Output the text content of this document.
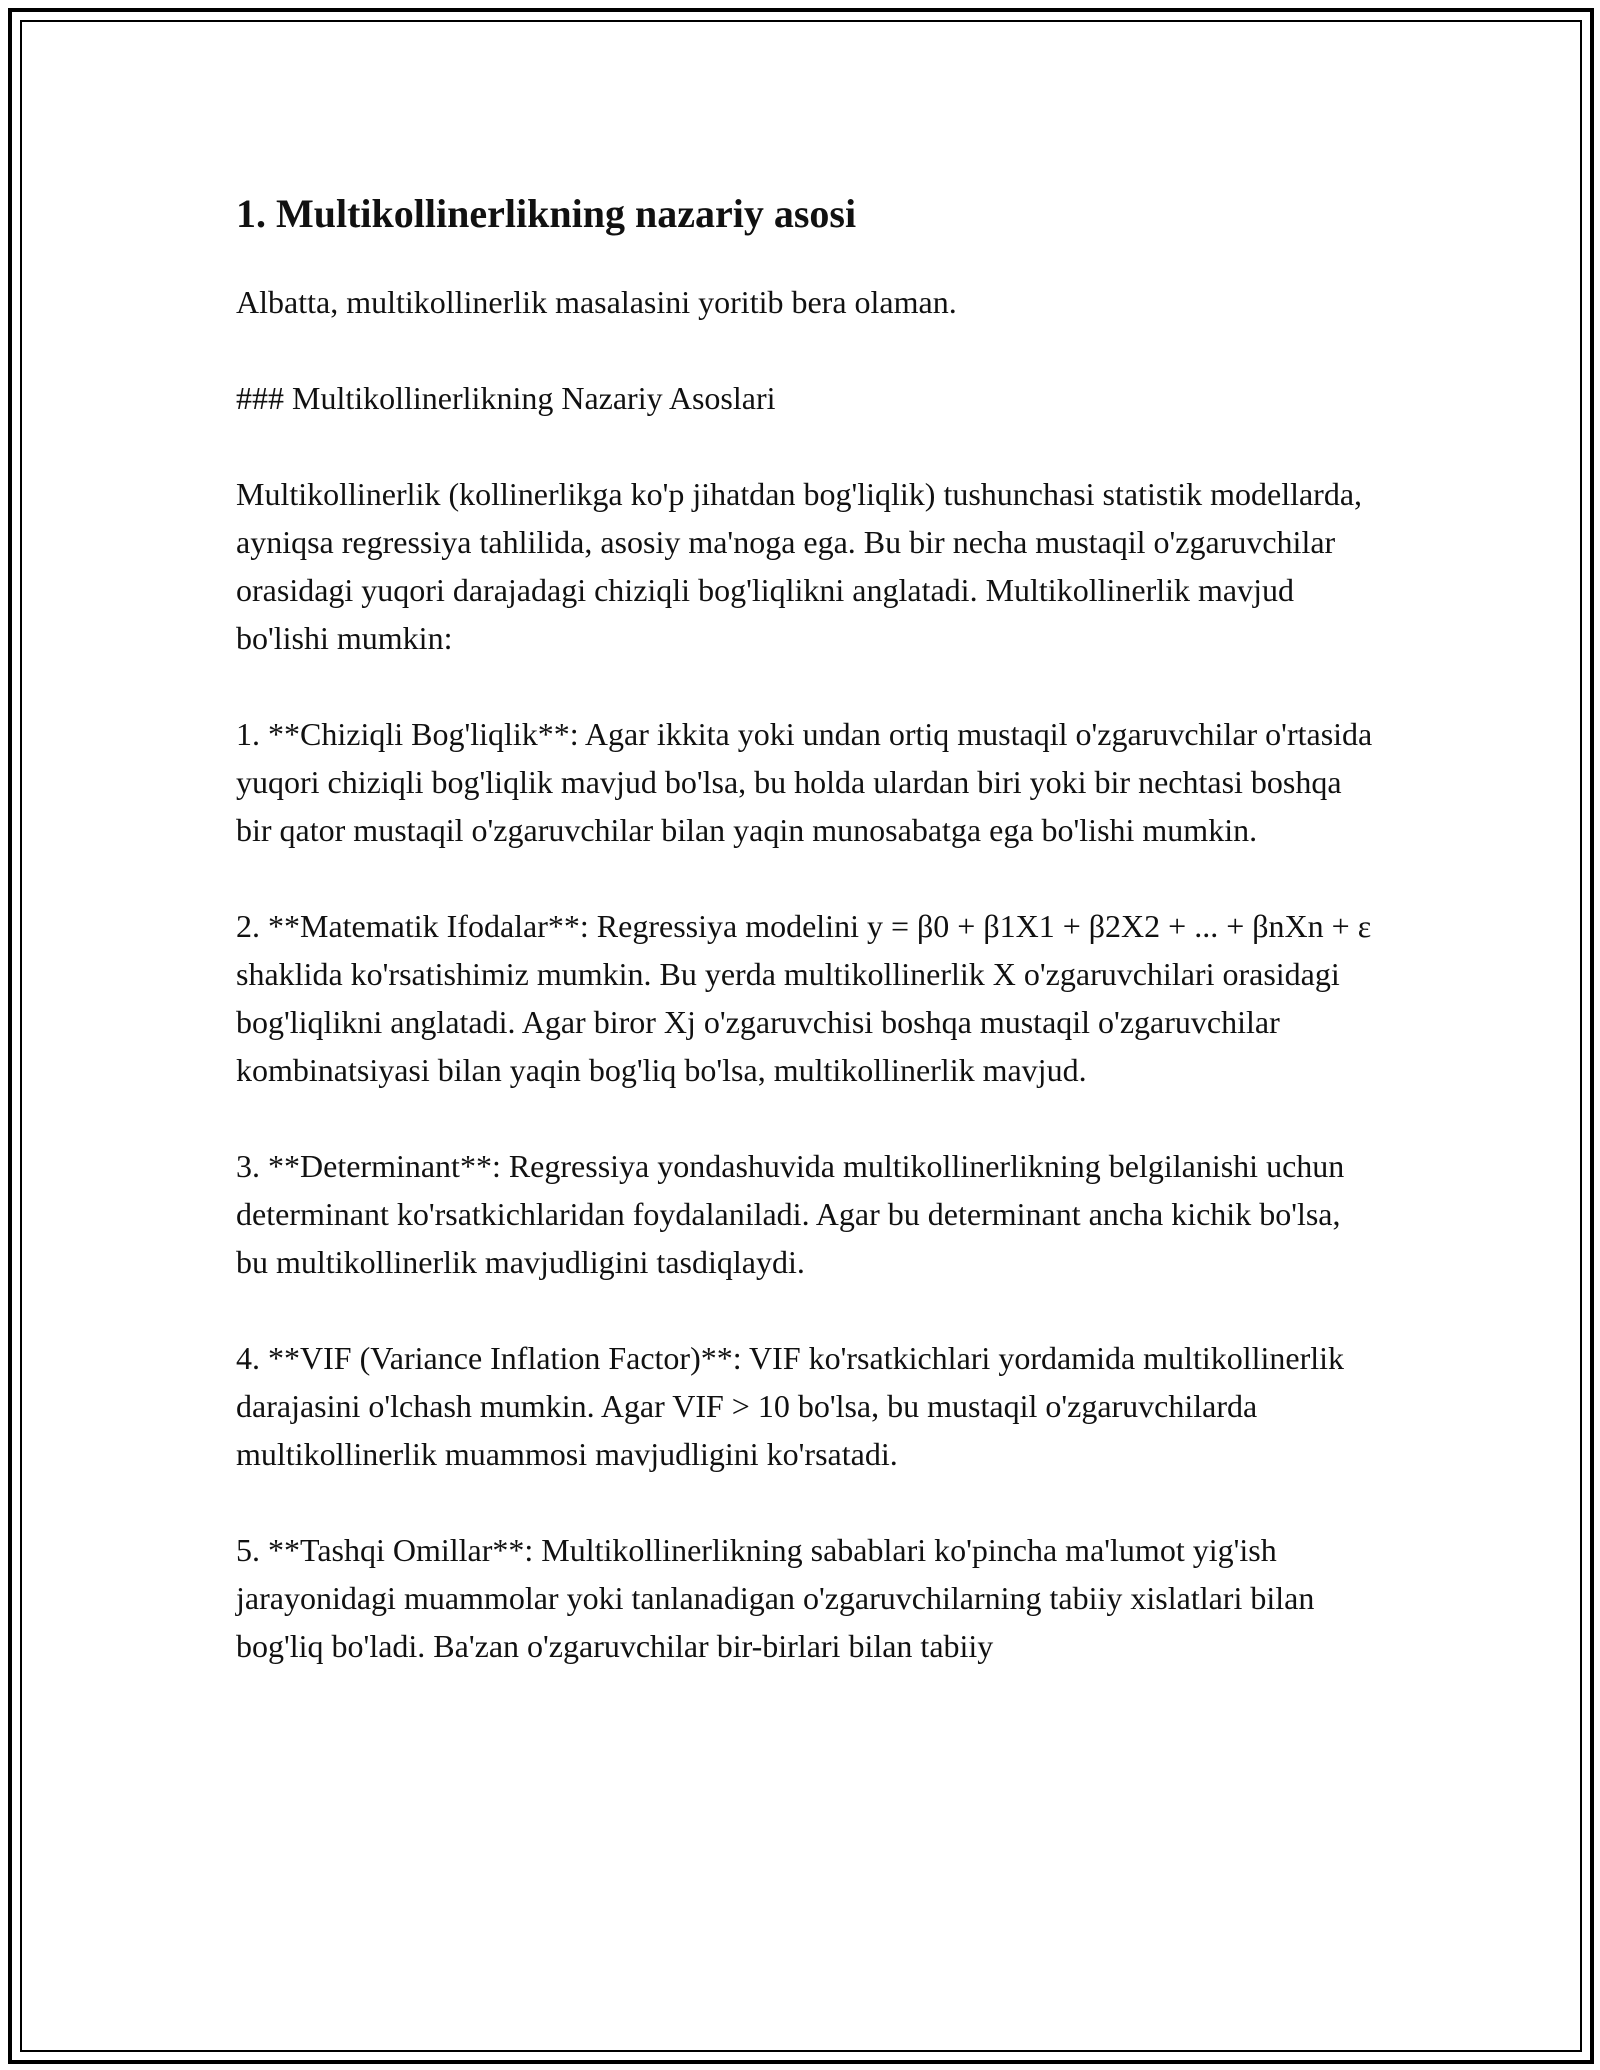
1. Multikollinerlikning nazariy asosi

Albatta, multikollinerlik masalasini yoritib bera olaman.

### Multikollinerlikning Nazariy Asoslari

Multikollinerlik (kollinerlikga ko'p jihatdan bog'liqlik) tushunchasi statistik modellarda, ayniqsa regressiya tahlilida, asosiy ma'noga ega. Bu bir necha mustaqil o'zgaruvchilar orasidagi yuqori darajadagi chiziqli bog'liqlikni anglatadi. Multikollinerlik mavjud bo'lishi mumkin:

1. **Chiziqli Bog'liqlik**: Agar ikkita yoki undan ortiq mustaqil o'zgaruvchilar o'rtasida yuqori chiziqli bog'liqlik mavjud bo'lsa, bu holda ulardan biri yoki bir nechtasi boshqa bir qator mustaqil o'zgaruvchilar bilan yaqin munosabatga ega bo'lishi mumkin.

2. **Matematik Ifodalar**: Regressiya modelini y = β0 + β1X1 + β2X2 + ... + βnXn + ε shaklida ko'rsatishimiz mumkin. Bu yerda multikollinerlik X o'zgaruvchilari orasidagi bog'liqlikni anglatadi. Agar biror Xj o'zgaruvchisi boshqa mustaqil o'zgaruvchilar kombinatsiyasi bilan yaqin bog'liq bo'lsa, multikollinerlik mavjud.

3. **Determinant**: Regressiya yondashuvida multikollinerlikning belgilanishi uchun determinant ko'rsatkichlaridan foydalaniladi. Agar bu determinant ancha kichik bo'lsa, bu multikollinerlik mavjudligini tasdiqlaydi.

4. **VIF (Variance Inflation Factor)**: VIF ko'rsatkichlari yordamida multikollinerlik darajasini o'lchash mumkin. Agar VIF > 10 bo'lsa, bu mustaqil o'zgaruvchilarda multikollinerlik muammosi mavjudligini ko'rsatadi.

5. **Tashqi Omillar**: Multikollinerlikning sabablari ko'pincha ma'lumot yig'ish jarayonidagi muammolar yoki tanlanadigan o'zgaruvchilarning tabiiy xislatlari bilan bog'liq bo'ladi. Ba'zan o'zgaruvchilar bir-birlari bilan tabiiy
